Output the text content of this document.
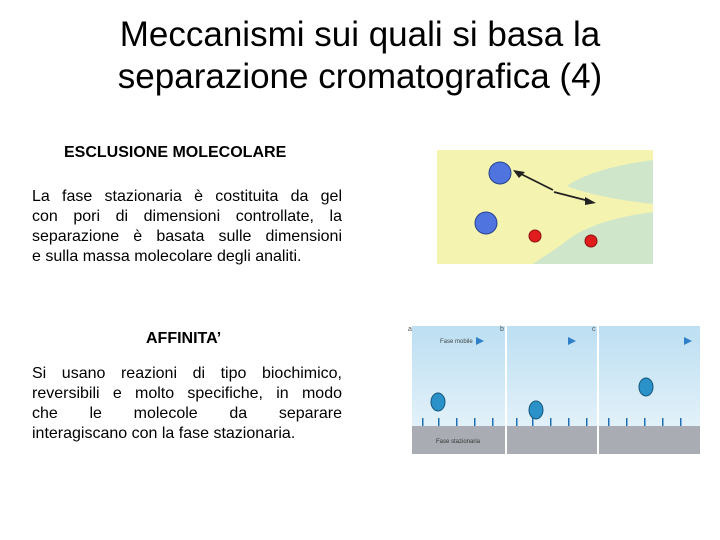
Meccanismi sui quali si basa la
separazione cromatografica (4)
ESCLUSIONE MOLECOLARE
La fase stazionaria è costituita da gel
con pori di dimensioni controllate, la
separazione è basata sulle dimensioni
e sulla massa molecolare degli analiti.
AFFINITA’
Si usano reazioni di tipo biochimico,
reversibili e molto specifiche, in modo
che le molecole da separare
interagiscano con la fase stazionaria.
a	b	c
Fase mobile
Fase stazionaria
